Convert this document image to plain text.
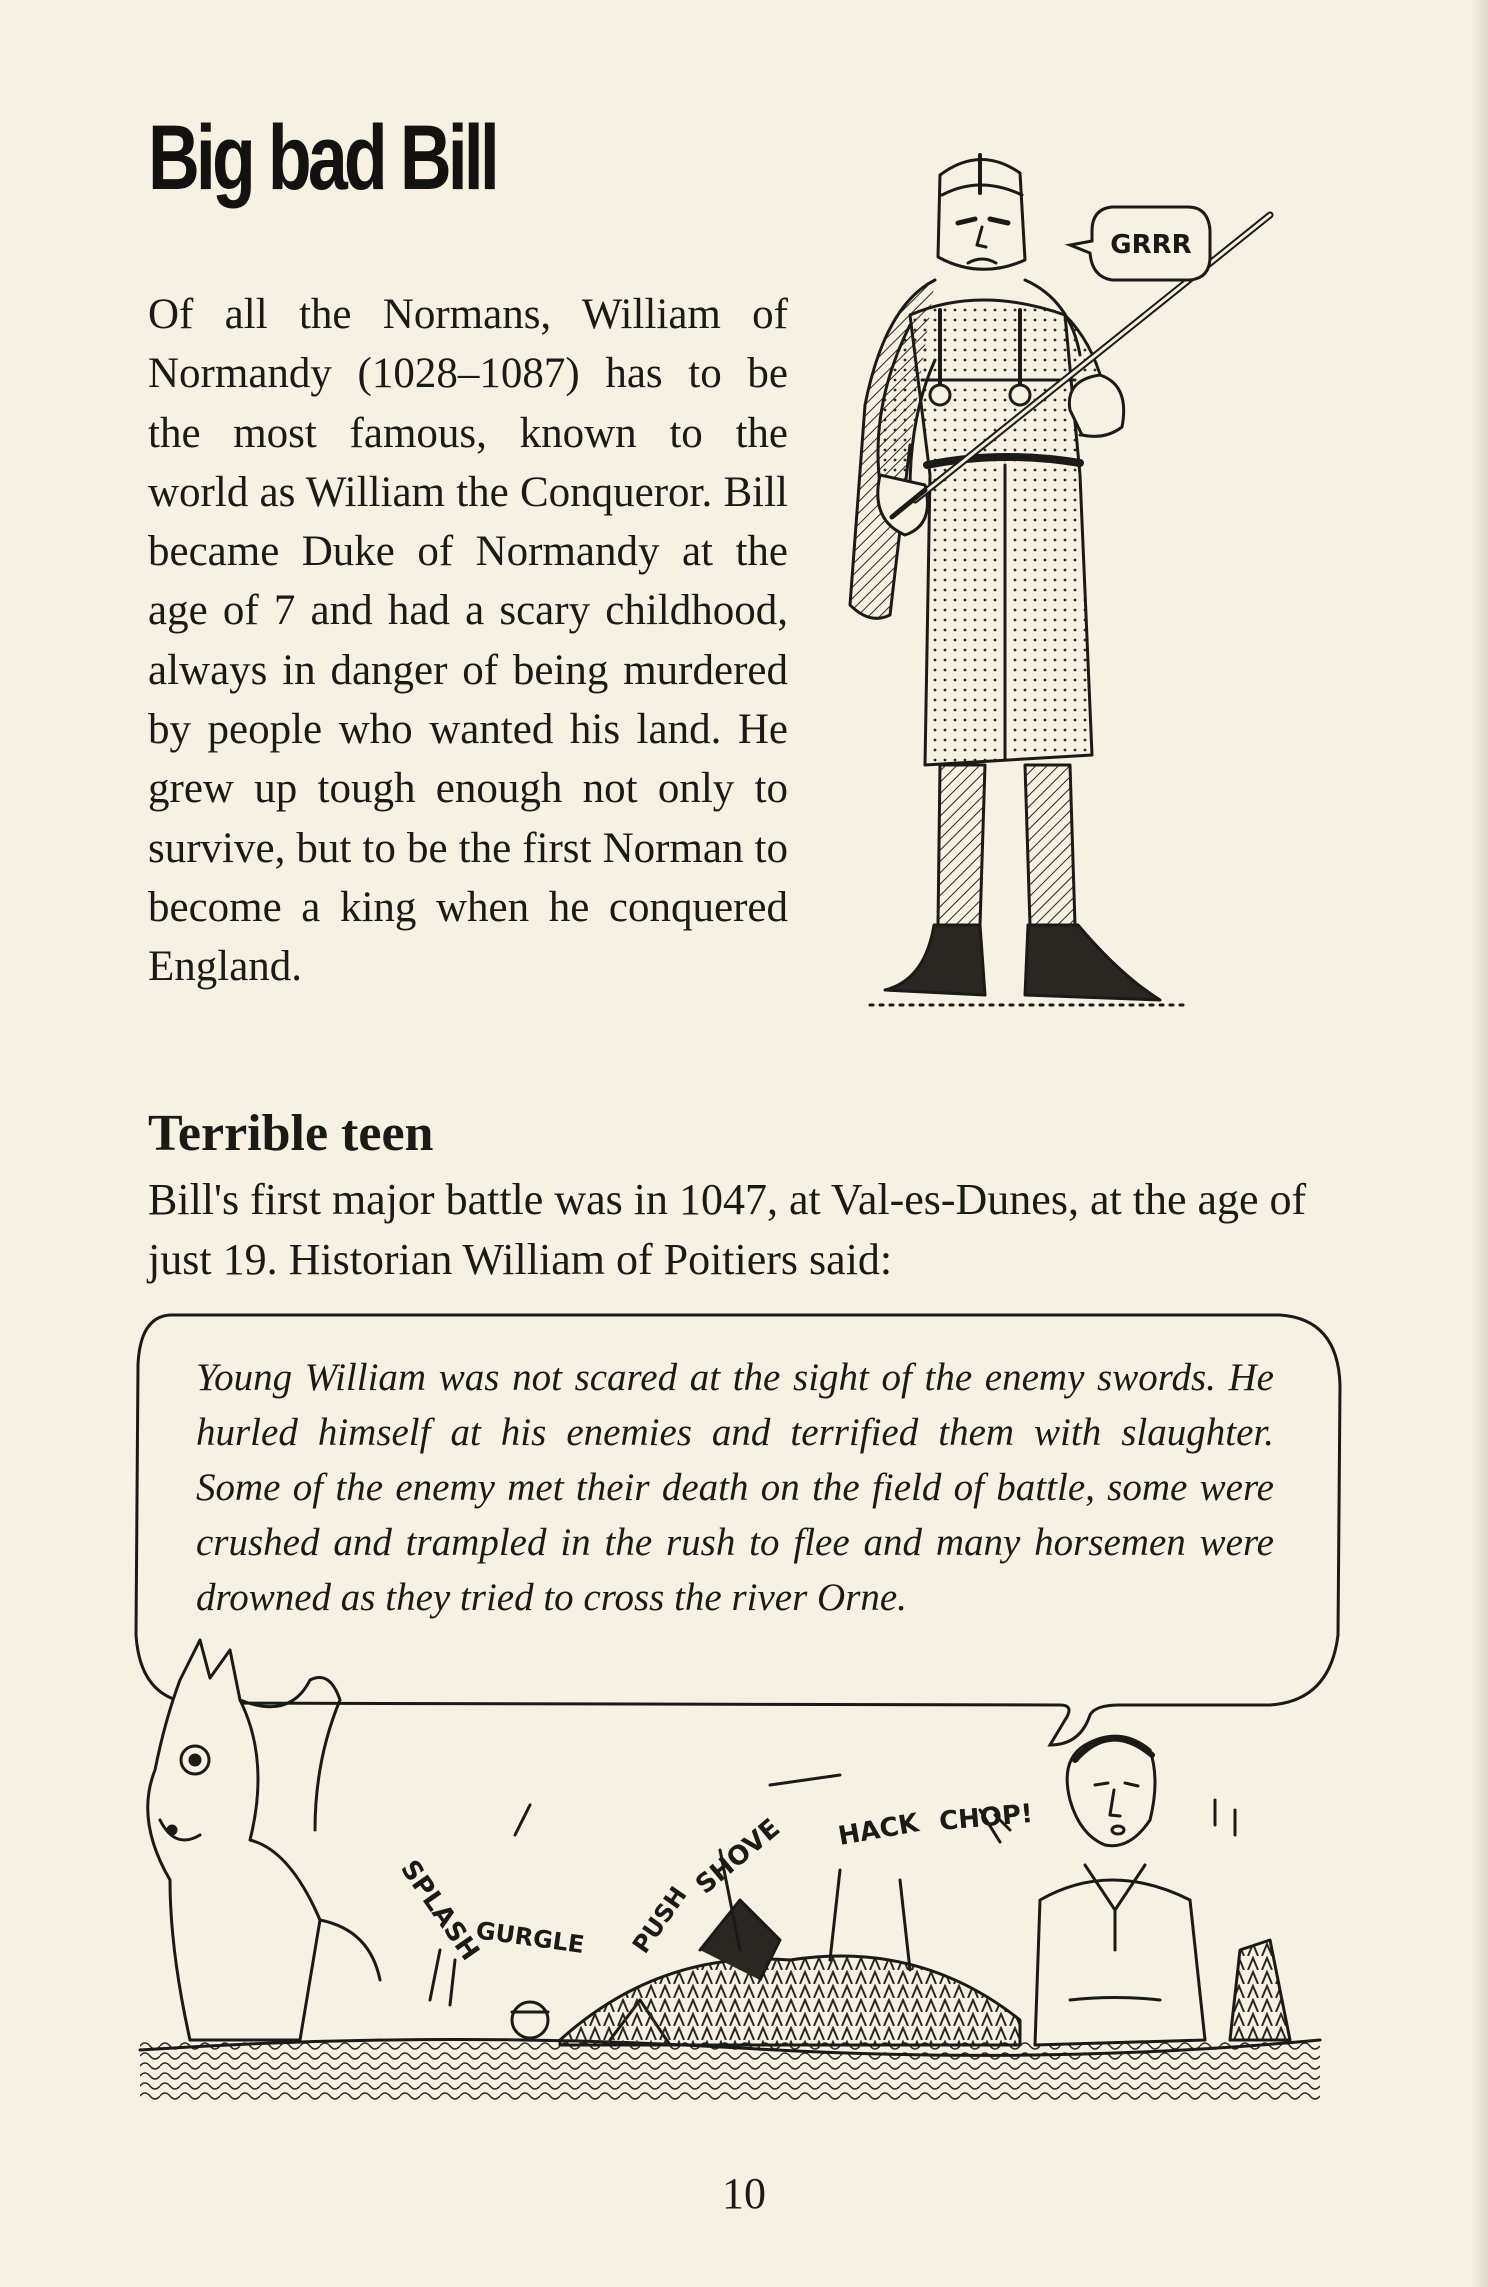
Big bad Bill

Of all the Normans, William of Normandy (1028–1087) has to be the most famous, known to the world as William the Conqueror. Bill became Duke of Normandy at the age of 7 and had a scary childhood, always in danger of being murdered by people who wanted his land. He grew up tough enough not only to survive, but to be the first Norman to become a king when he conquered England.

GRRR
Terrible teen

Bill's first major battle was in 1047, at Val-es-Dunes, at the age of just 19. Historian William of Poitiers said:

Young William was not scared at the sight of the enemy swords. He hurled himself at his enemies and terrified them with slaughter. Some of the enemy met their death on the field of battle, some were crushed and trampled in the rush to flee and many horsemen were drowned as they tried to cross the river Orne.

SPLASH
GURGLE PUSH
SHOVE HACK CHOP!

10
